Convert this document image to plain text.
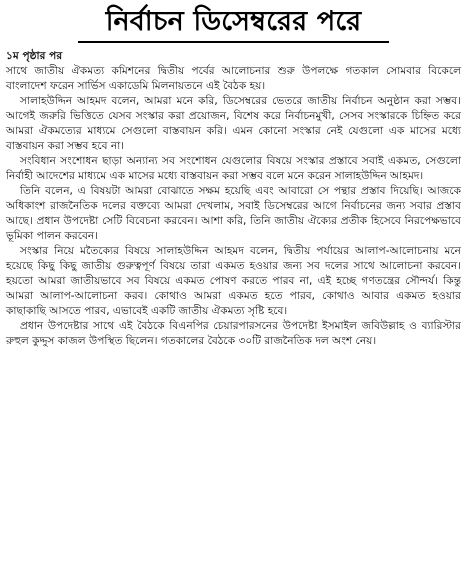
নির্বাচন ডিসেম্বরের পরে
১ম পৃষ্ঠার পর

সাথে জাতীয় ঐকমত্য কমিশনের দ্বিতীয় পর্বের আলোচনার শুরু উপলক্ষে গতকাল সোমবার বিকেলে বাংলাদেশ ফরেন সার্ভিস একাডেমি মিলনায়তনে এই বৈঠক হয়।

সালাহউদ্দিন আহমদ বলেন, আমরা মনে করি, ডিসেম্বরের ভেতরে জাতীয় নির্বাচন অনুষ্ঠান করা সম্ভব। আগেই জরুরি ভিত্তিতে যেসব সংস্কার করা প্রয়োজন, বিশেষ করে নির্বাচনমুখী, সেসব সংস্কারকে চিহ্নিত করে আমরা ঐকমত্যের মাধ্যমে সেগুলো বাস্তবায়ন করি। এমন কোনো সংস্কার নেই যেগুলো এক মাসের মধ্যে বাস্তবায়ন করা সম্ভব হবে না।

সংবিধান সংশোধন ছাড়া অন্যান্য সব সংশোধন যেগুলোর বিষয়ে সংস্কার প্রস্তাবে সবাই একমত, সেগুলো নির্বাহী আদেশের মাধ্যমে এক মাসের মধ্যে বাস্তবায়ন করা সম্ভব বলে মনে করেন সালাহউদ্দিন আহমদ।

তিনি বলেন, এ বিষয়টা আমরা বোঝাতে সক্ষম হয়েছি এবং আবারো সে পন্থার প্রস্তাব দিয়েছি। আজকে অধিকাংশ রাজনৈতিক দলের বক্তব্যে আমরা দেখলাম, সবাই ডিসেম্বরের আগে নির্বাচনের জন্য সবার প্রস্তাব আছে। প্রধান উপদেষ্টা সেটি বিবেচনা করবেন। আশা করি, তিনি জাতীয় ঐক্যের প্রতীক হিসেবে নিরপেক্ষভাবে ভূমিকা পালন করবেন।

সংস্কার নিয়ে মতৈক্যের বিষয়ে সালাহউদ্দিন আহমদ বলেন, দ্বিতীয় পর্যায়ের আলাপ-আলোচনায় মনে হয়েছে কিছু কিছু জাতীয় গুরুত্বপূর্ণ বিষয়ে তারা একমত হওয়ার জন্য সব দলের সাথে আলোচনা করবেন। হয়তো আমরা জাতীয়ভাবে সব বিষয়ে একমত পোষণ করতে পারব না, এই হচ্ছে গণতন্ত্রের সৌন্দর্য। কিন্তু আমরা আলাপ-আলোচনা করব। কোথাও আমরা একমত হতে পারব, কোথাও আবার একমত হওয়ার কাছাকাছি আসতে পারব, এভাবেই একটি জাতীয় ঐকমত্য সৃষ্টি হবে।

প্রধান উপদেষ্টার সাথে এই বৈঠকে বিএনপির চেয়ারপারসনের উপদেষ্টা ইসমাইল জবিউল্লাহ ও ব্যারিস্টার রুহুল কুদ্দুস কাজল উপস্থিত ছিলেন। গতকালের বৈঠকে ৩০টি রাজনৈতিক দল অংশ নেয়।
